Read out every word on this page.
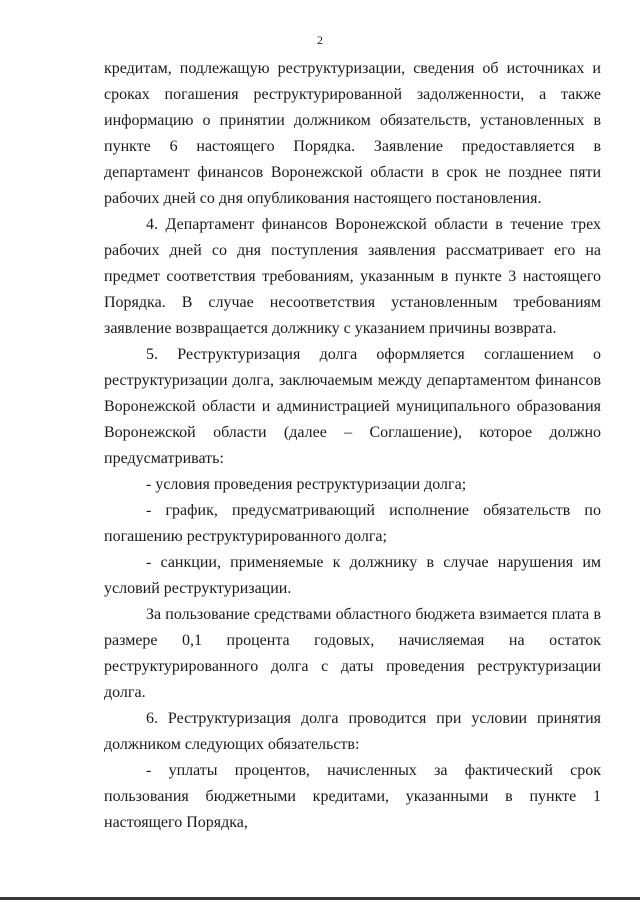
2

кредитам, подлежащую реструктуризации, сведения об источниках и сроках погашения реструктурированной задолженности, а также информацию о принятии должником обязательств, установленных в пункте 6 настоящего Порядка. Заявление предоставляется в департамент финансов Воронежской области в срок не позднее пяти рабочих дней со дня опубликования настоящего постановления.

4. Департамент финансов Воронежской области в течение трех рабочих дней со дня поступления заявления рассматривает его на предмет соответствия требованиям, указанным в пункте 3 настоящего Порядка. В случае несоответствия установленным требованиям заявление возвращается должнику с указанием причины возврата.

5. Реструктуризация долга оформляется соглашением о реструктуризации долга, заключаемым между департаментом финансов Воронежской области и администрацией муниципального образования Воронежской области (далее – Соглашение), которое должно предусматривать:

- условия проведения реструктуризации долга;

- график, предусматривающий исполнение обязательств по погашению реструктурированного долга;

- санкции, применяемые к должнику в случае нарушения им условий реструктуризации.

За пользование средствами областного бюджета взимается плата в размере 0,1 процента годовых, начисляемая на остаток реструктурированного долга с даты проведения реструктуризации долга.

6. Реструктуризация долга проводится при условии принятия должником следующих обязательств:

- уплаты процентов, начисленных за фактический срок пользования бюджетными кредитами, указанными в пункте 1 настоящего Порядка,
